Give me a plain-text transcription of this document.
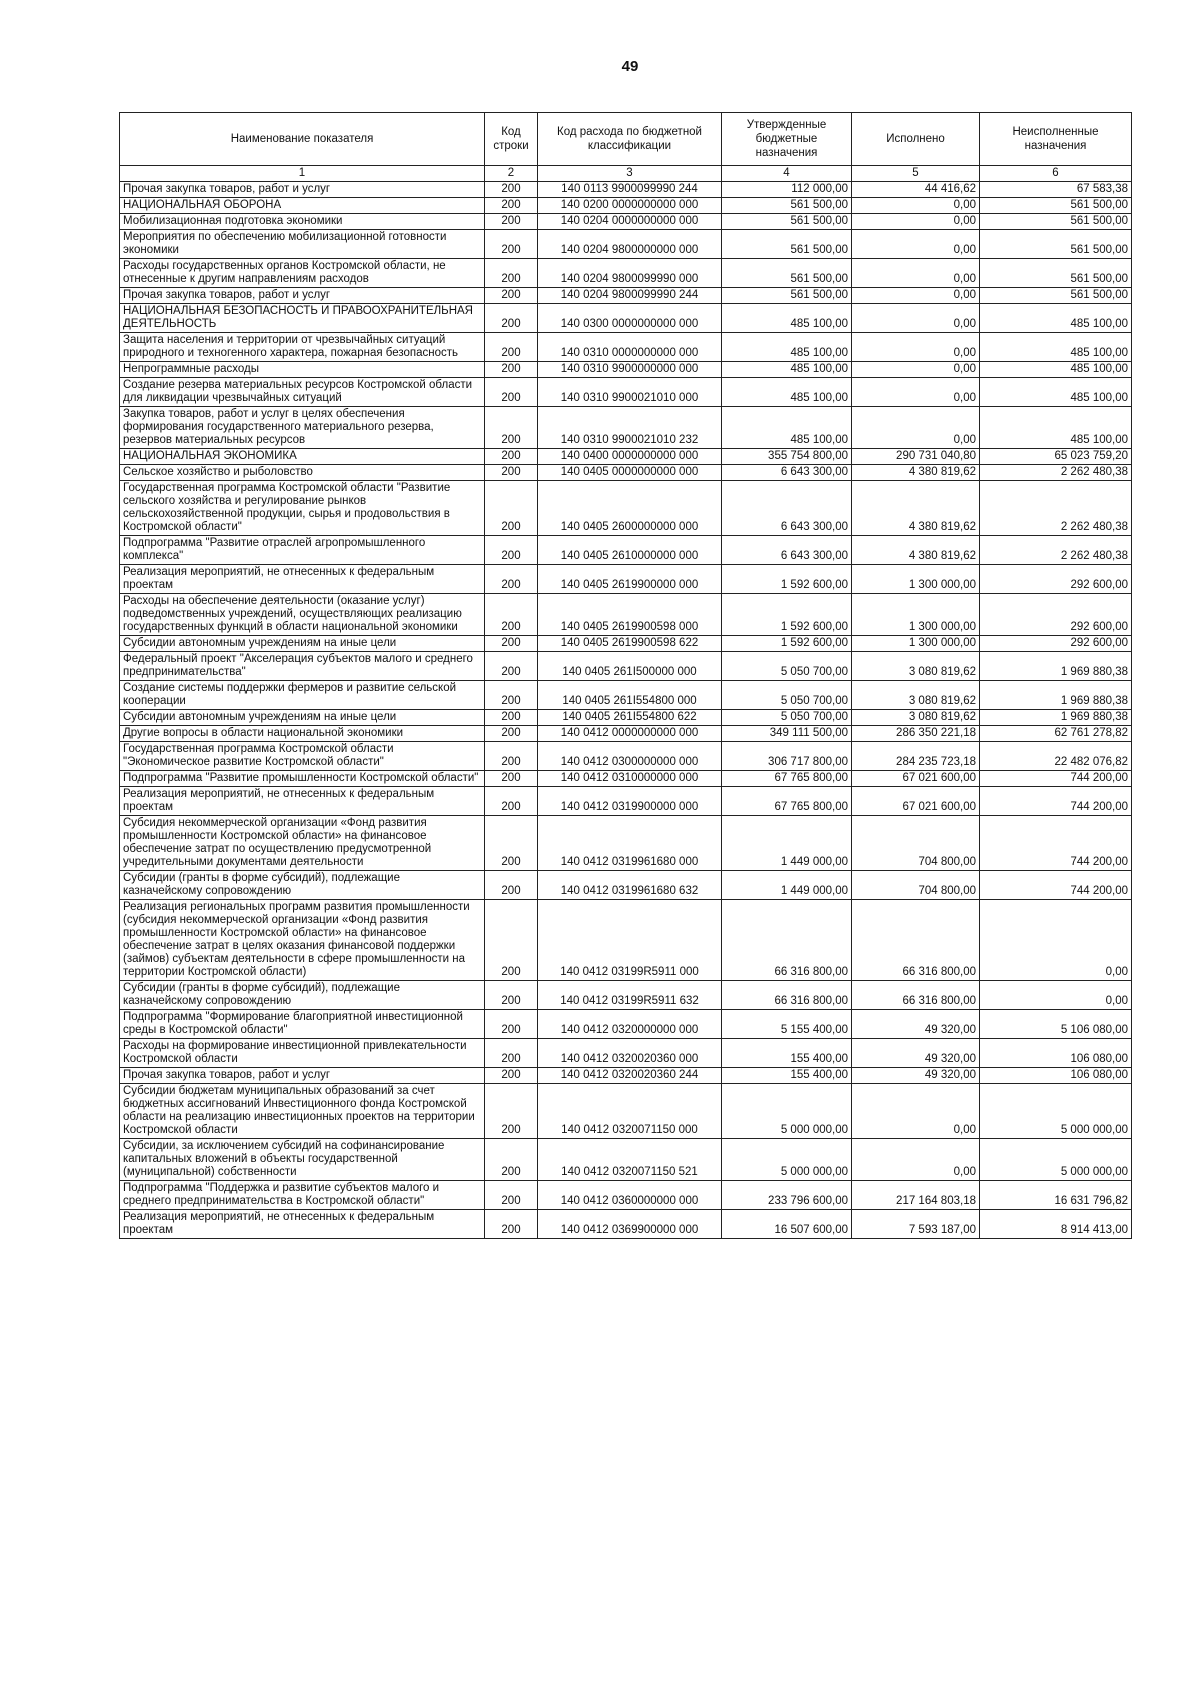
49
Наименование показателя	Код строки	Код расхода по бюджетной классификации	Утвержденные бюджетные назначения	Исполнено	Неисполненные назначения
1	2	3	4	5	6
Прочая закупка товаров, работ и услуг	200	140 0113 9900099990 244	112 000,00	44 416,62	67 583,38
НАЦИОНАЛЬНАЯ ОБОРОНА	200	140 0200 0000000000 000	561 500,00	0,00	561 500,00
Мобилизационная подготовка экономики	200	140 0204 0000000000 000	561 500,00	0,00	561 500,00
Мероприятия по обеспечению мобилизационной готовности экономики	200	140 0204 9800000000 000	561 500,00	0,00	561 500,00
Расходы государственных органов Костромской области, не отнесенные к другим направлениям расходов	200	140 0204 9800099990 000	561 500,00	0,00	561 500,00
Прочая закупка товаров, работ и услуг	200	140 0204 9800099990 244	561 500,00	0,00	561 500,00
НАЦИОНАЛЬНАЯ БЕЗОПАСНОСТЬ И ПРАВООХРАНИТЕЛЬНАЯ ДЕЯТЕЛЬНОСТЬ	200	140 0300 0000000000 000	485 100,00	0,00	485 100,00
Защита населения и территории от чрезвычайных ситуаций природного и техногенного характера, пожарная безопасность	200	140 0310 0000000000 000	485 100,00	0,00	485 100,00
Непрограммные расходы	200	140 0310 9900000000 000	485 100,00	0,00	485 100,00
Создание резерва материальных ресурсов Костромской области для ликвидации чрезвычайных ситуаций	200	140 0310 9900021010 000	485 100,00	0,00	485 100,00
Закупка товаров, работ и услуг в целях обеспечения формирования государственного материального резерва, резервов материальных ресурсов	200	140 0310 9900021010 232	485 100,00	0,00	485 100,00
НАЦИОНАЛЬНАЯ ЭКОНОМИКА	200	140 0400 0000000000 000	355 754 800,00	290 731 040,80	65 023 759,20
Сельское хозяйство и рыболовство	200	140 0405 0000000000 000	6 643 300,00	4 380 819,62	2 262 480,38
Государственная программа Костромской области "Развитие сельского хозяйства и регулирование рынков сельскохозяйственной продукции, сырья и продовольствия в Костромской области"	200	140 0405 2600000000 000	6 643 300,00	4 380 819,62	2 262 480,38
Подпрограмма "Развитие отраслей агропромышленного комплекса"	200	140 0405 2610000000 000	6 643 300,00	4 380 819,62	2 262 480,38
Реализация мероприятий, не отнесенных к федеральным проектам	200	140 0405 2619900000 000	1 592 600,00	1 300 000,00	292 600,00
Расходы на обеспечение деятельности (оказание услуг) подведомственных учреждений, осуществляющих реализацию государственных функций в области национальной экономики	200	140 0405 2619900598 000	1 592 600,00	1 300 000,00	292 600,00
Субсидии автономным учреждениям на иные цели	200	140 0405 2619900598 622	1 592 600,00	1 300 000,00	292 600,00
Федеральный проект "Акселерация субъектов малого и среднего предпринимательства"	200	140 0405 261I500000 000	5 050 700,00	3 080 819,62	1 969 880,38
Создание системы поддержки фермеров и развитие сельской кооперации	200	140 0405 261I554800 000	5 050 700,00	3 080 819,62	1 969 880,38
Субсидии автономным учреждениям на иные цели	200	140 0405 261I554800 622	5 050 700,00	3 080 819,62	1 969 880,38
Другие вопросы в области национальной экономики	200	140 0412 0000000000 000	349 111 500,00	286 350 221,18	62 761 278,82
Государственная программа Костромской области "Экономическое развитие Костромской области"	200	140 0412 0300000000 000	306 717 800,00	284 235 723,18	22 482 076,82
Подпрограмма "Развитие промышленности Костромской области"	200	140 0412 0310000000 000	67 765 800,00	67 021 600,00	744 200,00
Реализация мероприятий, не отнесенных к федеральным проектам	200	140 0412 0319900000 000	67 765 800,00	67 021 600,00	744 200,00
Субсидия некоммерческой организации «Фонд развития промышленности Костромской области» на финансовое обеспечение затрат по осуществлению предусмотренной учредительными документами деятельности	200	140 0412 0319961680 000	1 449 000,00	704 800,00	744 200,00
Субсидии (гранты в форме субсидий), подлежащие казначейскому сопровождению	200	140 0412 0319961680 632	1 449 000,00	704 800,00	744 200,00
Реализация региональных программ развития промышленности (субсидия некоммерческой организации «Фонд развития промышленности Костромской области» на финансовое обеспечение затрат в целях оказания финансовой поддержки (займов) субъектам деятельности в сфере промышленности на территории Костромской области)	200	140 0412 03199R5911 000	66 316 800,00	66 316 800,00	0,00
Субсидии (гранты в форме субсидий), подлежащие казначейскому сопровождению	200	140 0412 03199R5911 632	66 316 800,00	66 316 800,00	0,00
Подпрограмма "Формирование благоприятной инвестиционной среды в Костромской области"	200	140 0412 0320000000 000	5 155 400,00	49 320,00	5 106 080,00
Расходы на формирование инвестиционной привлекательности Костромской области	200	140 0412 0320020360 000	155 400,00	49 320,00	106 080,00
Прочая закупка товаров, работ и услуг	200	140 0412 0320020360 244	155 400,00	49 320,00	106 080,00
Субсидии бюджетам муниципальных образований за счет бюджетных ассигнований Инвестиционного фонда Костромской области на реализацию инвестиционных проектов на территории Костромской области	200	140 0412 0320071150 000	5 000 000,00	0,00	5 000 000,00
Субсидии, за исключением субсидий на софинансирование капитальных вложений в объекты государственной (муниципальной) собственности	200	140 0412 0320071150 521	5 000 000,00	0,00	5 000 000,00
Подпрограмма "Поддержка и развитие субъектов малого и среднего предпринимательства в Костромской области"	200	140 0412 0360000000 000	233 796 600,00	217 164 803,18	16 631 796,82
Реализация мероприятий, не отнесенных к федеральным проектам	200	140 0412 0369900000 000	16 507 600,00	7 593 187,00	8 914 413,00
